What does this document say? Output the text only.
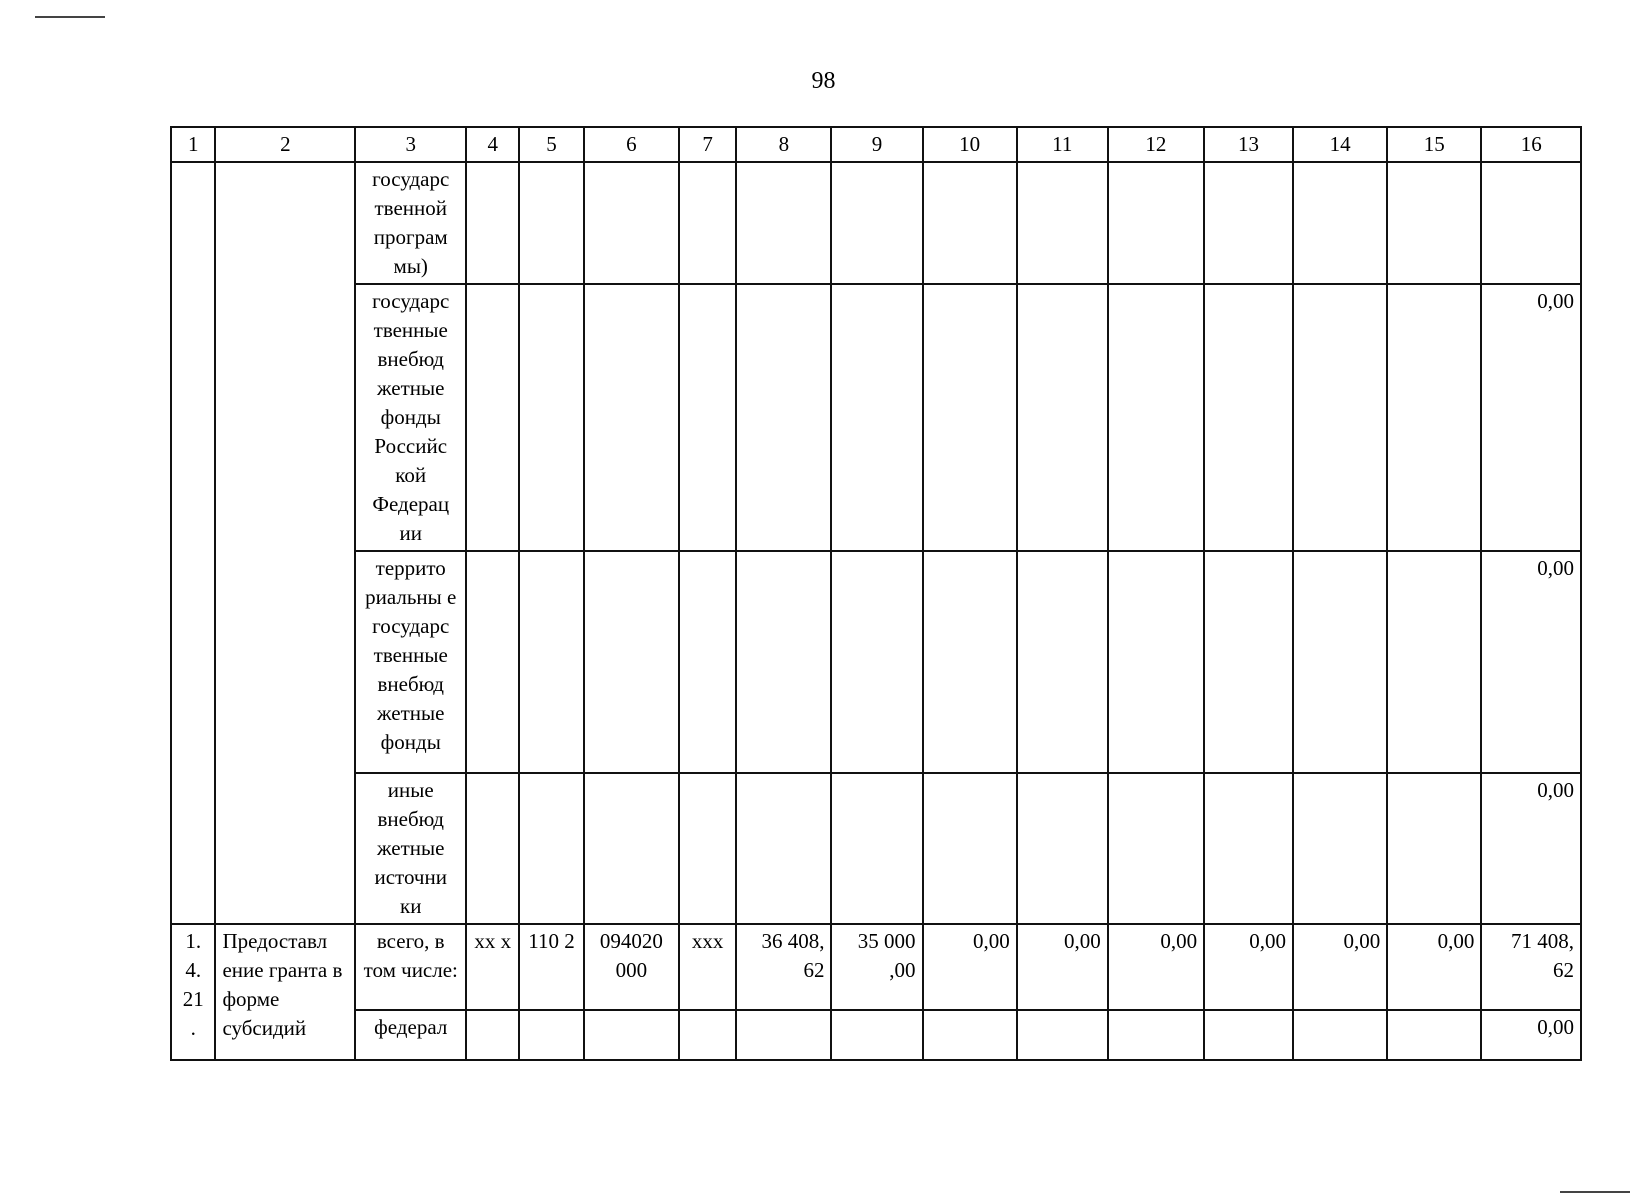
98
1	2	3	4	5	6	7	8	9	10	11	12	13	14	15	16
		государс твенной програм мы)													
		государс твенные внебюд жетные фонды Российс кой Федерац ии													0,00
		террито риальны е государс твенные внебюд жетные фонды													0,00
		иные внебюд жетные источни ки													0,00
1. 4. 21 .	Предоставл ение гранта в форме субсидий	всего, в том числе:	xx x	110 2	094020 000	xxx	36 408, 62	35 000 ,00	0,00	0,00	0,00	0,00	0,00	0,00	71 408, 62
		федерал													0,00
